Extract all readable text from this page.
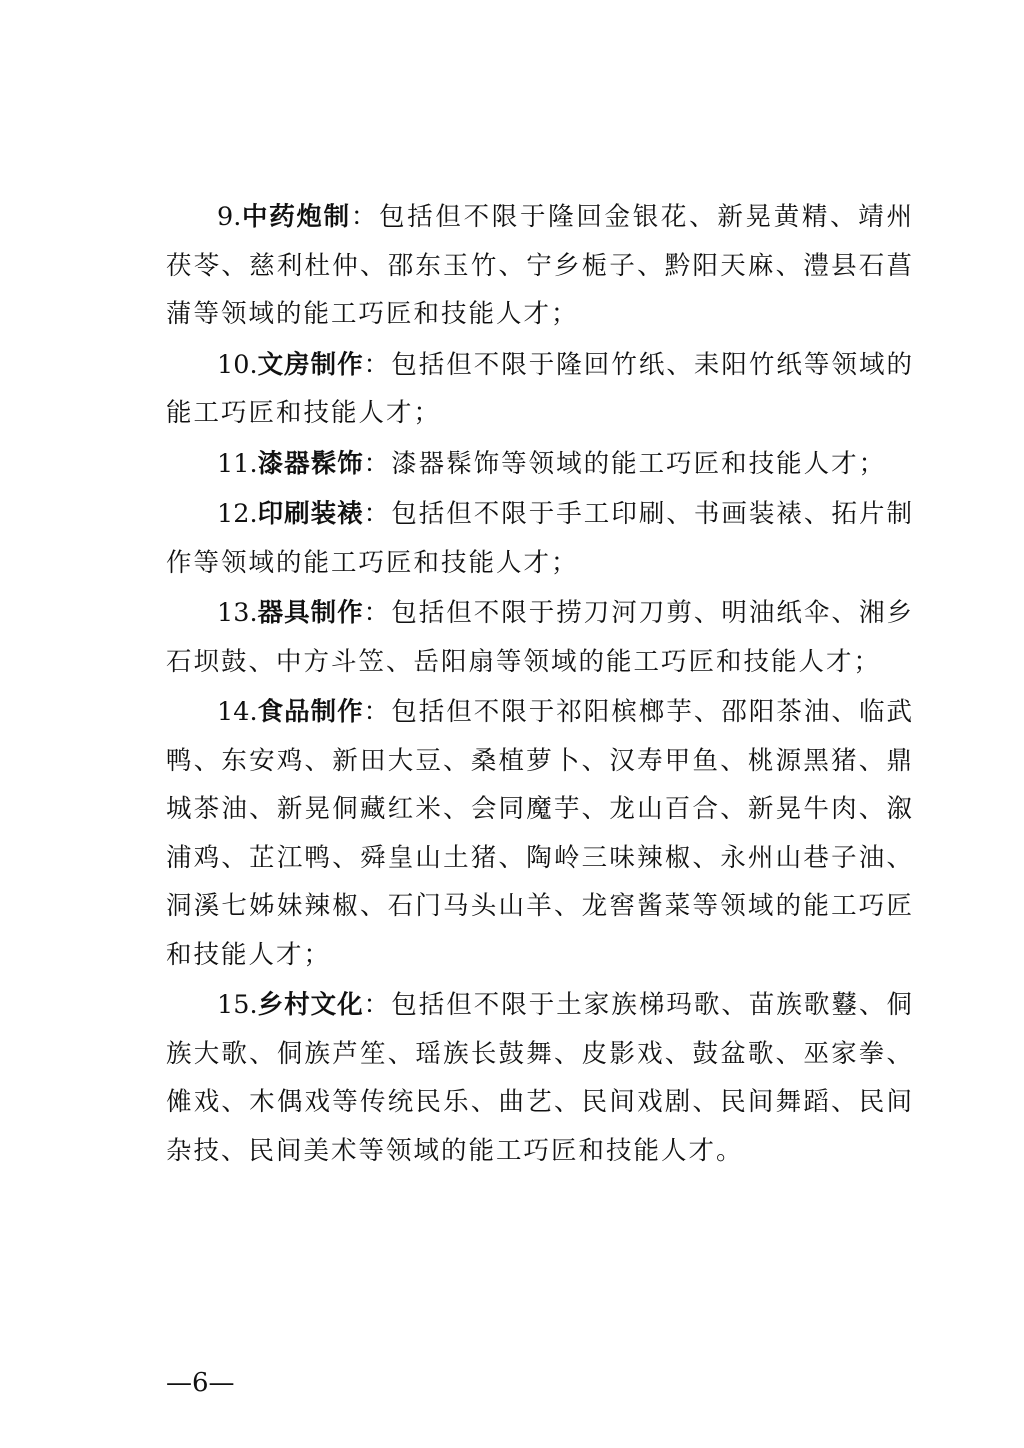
9.中药炮制：包括但不限于隆回金银花、新晃黄精、靖州茯苓、慈利杜仲、邵东玉竹、宁乡栀子、黔阳天麻、澧县石菖蒲等领域的能工巧匠和技能人才；

10.文房制作：包括但不限于隆回竹纸、耒阳竹纸等领域的能工巧匠和技能人才；

11.漆器髹饰：漆器髹饰等领域的能工巧匠和技能人才；

12.印刷装裱：包括但不限于手工印刷、书画装裱、拓片制作等领域的能工巧匠和技能人才；

13.器具制作：包括但不限于捞刀河刀剪、明油纸伞、湘乡石坝鼓、中方斗笠、岳阳扇等领域的能工巧匠和技能人才；

14.食品制作：包括但不限于祁阳槟榔芋、邵阳茶油、临武鸭、东安鸡、新田大豆、桑植萝卜、汉寿甲鱼、桃源黑猪、鼎城茶油、新晃侗藏红米、会同魔芋、龙山百合、新晃牛肉、溆浦鸡、芷江鸭、舜皇山土猪、陶岭三味辣椒、永州山巷子油、洞溪七姊妹辣椒、石门马头山羊、龙窖酱菜等领域的能工巧匠和技能人才；

15.乡村文化：包括但不限于土家族梯玛歌、苗族歌鼟、侗族大歌、侗族芦笙、瑶族长鼓舞、皮影戏、鼓盆歌、巫家拳、傩戏、木偶戏等传统民乐、曲艺、民间戏剧、民间舞蹈、民间杂技、民间美术等领域的能工巧匠和技能人才。

—6—
